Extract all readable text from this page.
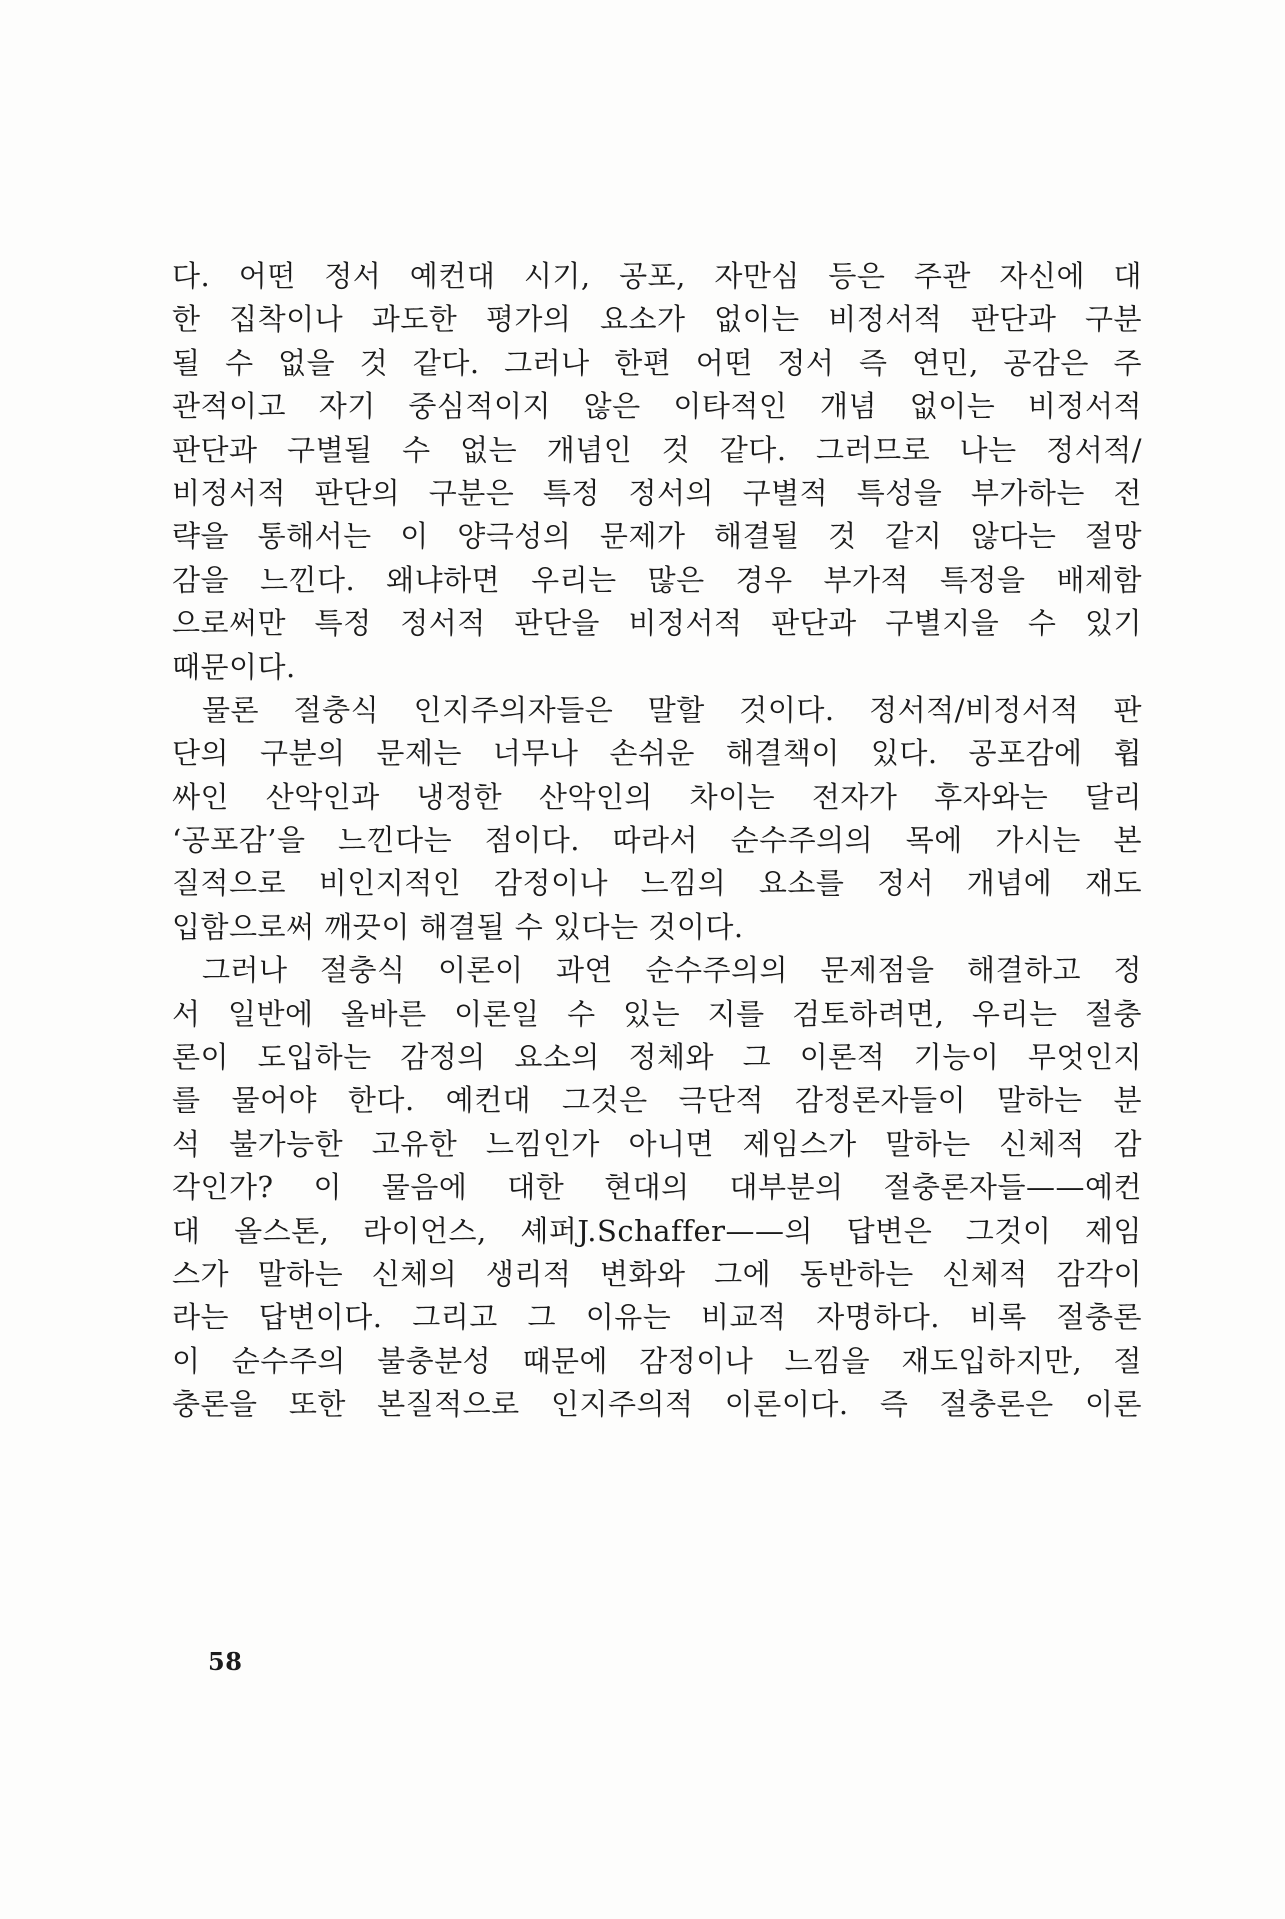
다. 어떤 정서 예컨대 시기, 공포, 자만심 등은 주관 자신에 대
한 집착이나 과도한 평가의 요소가 없이는 비정서적 판단과 구분
될 수 없을 것 같다. 그러나 한편 어떤 정서 즉 연민, 공감은 주
관적이고 자기 중심적이지 않은 이타적인 개념 없이는 비정서적
판단과 구별될 수 없는 개념인 것 같다. 그러므로 나는 정서적/
비정서적 판단의 구분은 특정 정서의 구별적 특성을 부가하는 전
략을 통해서는 이 양극성의 문제가 해결될 것 같지 않다는 절망
감을 느낀다. 왜냐하면 우리는 많은 경우 부가적 특정을 배제함
으로써만 특정 정서적 판단을 비정서적 판단과 구별지을 수 있기
때문이다.
물론 절충식 인지주의자들은 말할 것이다. 정서적/비정서적 판
단의 구분의 문제는 너무나 손쉬운 해결책이 있다. 공포감에 휩
싸인 산악인과 냉정한 산악인의 차이는 전자가 후자와는 달리
‘공포감’을 느낀다는 점이다. 따라서 순수주의의 목에 가시는 본
질적으로 비인지적인 감정이나 느낌의 요소를 정서 개념에 재도
입함으로써 깨끗이 해결될 수 있다는 것이다.
그러나 절충식 이론이 과연 순수주의의 문제점을 해결하고 정
서 일반에 올바른 이론일 수 있는 지를 검토하려면, 우리는 절충
론이 도입하는 감정의 요소의 정체와 그 이론적 기능이 무엇인지
를 물어야 한다. 예컨대 그것은 극단적 감정론자들이 말하는 분
석 불가능한 고유한 느낌인가 아니면 제임스가 말하는 신체적 감
각인가? 이 물음에 대한 현대의 대부분의 절충론자들——예컨
대 올스톤, 라이언스, 셰퍼J.Schaffer——의 답변은 그것이 제임
스가 말하는 신체의 생리적 변화와 그에 동반하는 신체적 감각이
라는 답변이다. 그리고 그 이유는 비교적 자명하다. 비록 절충론
이 순수주의 불충분성 때문에 감정이나 느낌을 재도입하지만, 절
충론을 또한 본질적으로 인지주의적 이론이다. 즉 절충론은 이론
58
